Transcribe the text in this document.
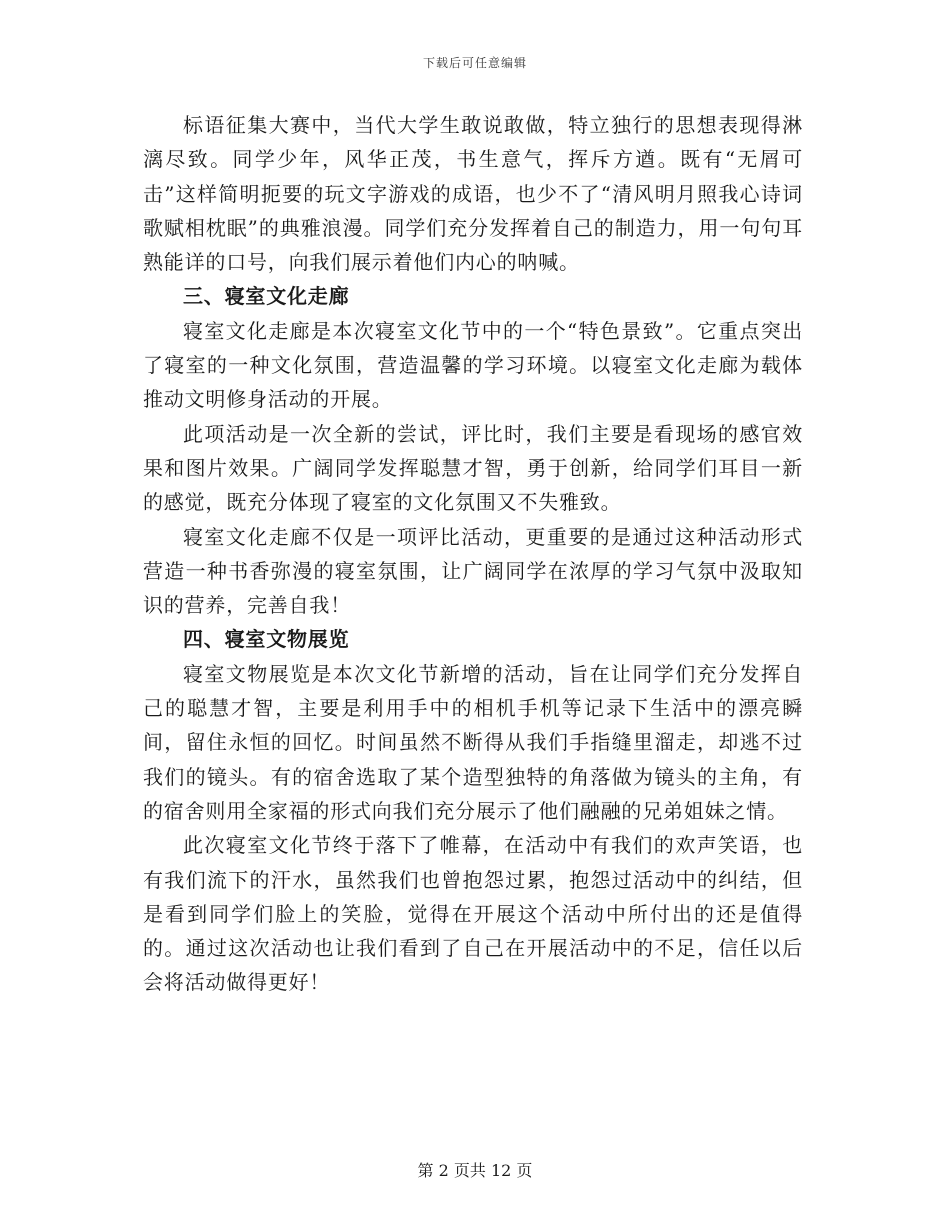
下载后可任意编辑

标语征集大赛中，当代大学生敢说敢做，特立独行的思想表现得淋漓尽致。同学少年，风华正茂，书生意气，挥斥方遒。既有“无屑可击”这样简明扼要的玩文字游戏的成语，也少不了“清风明月照我心诗词歌赋相枕眠”的典雅浪漫。同学们充分发挥着自己的制造力，用一句句耳熟能详的口号，向我们展示着他们内心的呐喊。

三、寝室文化走廊

寝室文化走廊是本次寝室文化节中的一个“特色景致”。它重点突出了寝室的一种文化氛围，营造温馨的学习环境。以寝室文化走廊为载体推动文明修身活动的开展。

此项活动是一次全新的尝试，评比时，我们主要是看现场的感官效果和图片效果。广阔同学发挥聪慧才智，勇于创新，给同学们耳目一新的感觉，既充分体现了寝室的文化氛围又不失雅致。

寝室文化走廊不仅是一项评比活动，更重要的是通过这种活动形式营造一种书香弥漫的寝室氛围，让广阔同学在浓厚的学习气氛中汲取知识的营养，完善自我！

四、寝室文物展览

寝室文物展览是本次文化节新增的活动，旨在让同学们充分发挥自己的聪慧才智，主要是利用手中的相机手机等记录下生活中的漂亮瞬间，留住永恒的回忆。时间虽然不断得从我们手指缝里溜走，却逃不过我们的镜头。有的宿舍选取了某个造型独特的角落做为镜头的主角，有的宿舍则用全家福的形式向我们充分展示了他们融融的兄弟姐妹之情。

此次寝室文化节终于落下了帷幕，在活动中有我们的欢声笑语，也有我们流下的汗水，虽然我们也曾抱怨过累，抱怨过活动中的纠结，但是看到同学们脸上的笑脸，觉得在开展这个活动中所付出的还是值得的。通过这次活动也让我们看到了自己在开展活动中的不足，信任以后会将活动做得更好！

第 2 页共 12 页
